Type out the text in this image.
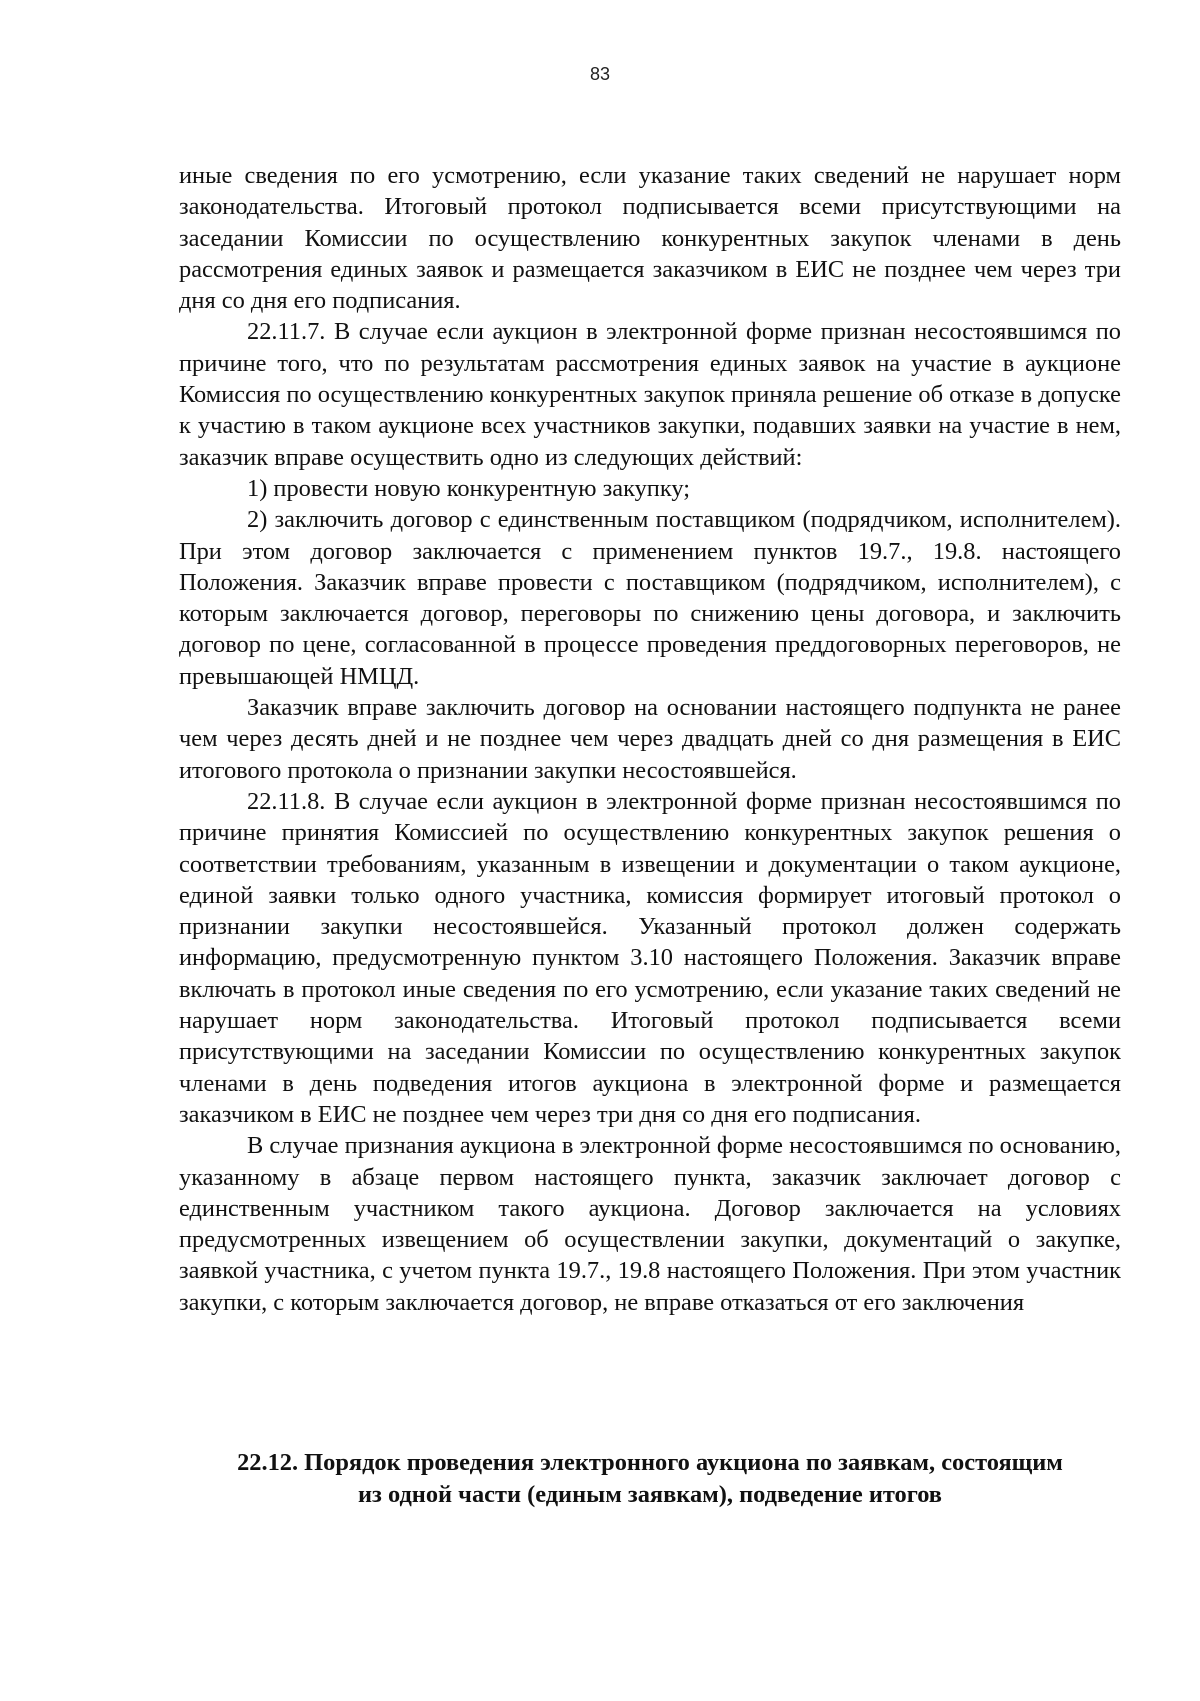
83

иные сведения по его усмотрению, если указание таких сведений не нарушает норм законодательства. Итоговый протокол подписывается всеми присутствующими на заседании Комиссии по осуществлению конкурентных закупок членами в день рассмотрения единых заявок и размещается заказчиком в ЕИС не позднее чем через три дня со дня его подписания.

22.11.7. В случае если аукцион в электронной форме признан несостоявшимся по причине того, что по результатам рассмотрения единых заявок на участие в аукционе Комиссия по осуществлению конкурентных закупок приняла решение об отказе в допуске к участию в таком аукционе всех участников закупки, подавших заявки на участие в нем, заказчик вправе осуществить одно из следующих действий:

1) провести новую конкурентную закупку;

2) заключить договор с единственным поставщиком (подрядчиком, исполнителем). При этом договор заключается с применением пунктов 19.7., 19.8. настоящего Положения. Заказчик вправе провести с поставщиком (подрядчиком, исполнителем), с которым заключается договор, переговоры по снижению цены договора, и заключить договор по цене, согласованной в процессе проведения преддоговорных переговоров, не превышающей НМЦД.

Заказчик вправе заключить договор на основании настоящего подпункта не ранее чем через десять дней и не позднее чем через двадцать дней со дня размещения в ЕИС итогового протокола о признании закупки несостоявшейся.

22.11.8. В случае если аукцион в электронной форме признан несостоявшимся по причине принятия Комиссией по осуществлению конкурентных закупок решения о соответствии требованиям, указанным в извещении и документации о таком аукционе, единой заявки только одного участника, комиссия формирует итоговый протокол о признании закупки несостоявшейся. Указанный протокол должен содержать информацию, предусмотренную пунктом 3.10 настоящего Положения. Заказчик вправе включать в протокол иные сведения по его усмотрению, если указание таких сведений не нарушает норм законодательства. Итоговый протокол подписывается всеми присутствующими на заседании Комиссии по осуществлению конкурентных закупок членами в день подведения итогов аукциона в электронной форме и размещается заказчиком в ЕИС не позднее чем через три дня со дня его подписания.

В случае признания аукциона в электронной форме несостоявшимся по основанию, указанному в абзаце первом настоящего пункта, заказчик заключает договор с единственным участником такого аукциона. Договор заключается на условиях предусмотренных извещением об осуществлении закупки, документаций о закупке, заявкой участника, с учетом пункта 19.7., 19.8 настоящего Положения. При этом участник закупки, с которым заключается договор, не вправе отказаться от его заключения

22.12. Порядок проведения электронного аукциона по заявкам, состоящим
из одной части (единым заявкам), подведение итогов
